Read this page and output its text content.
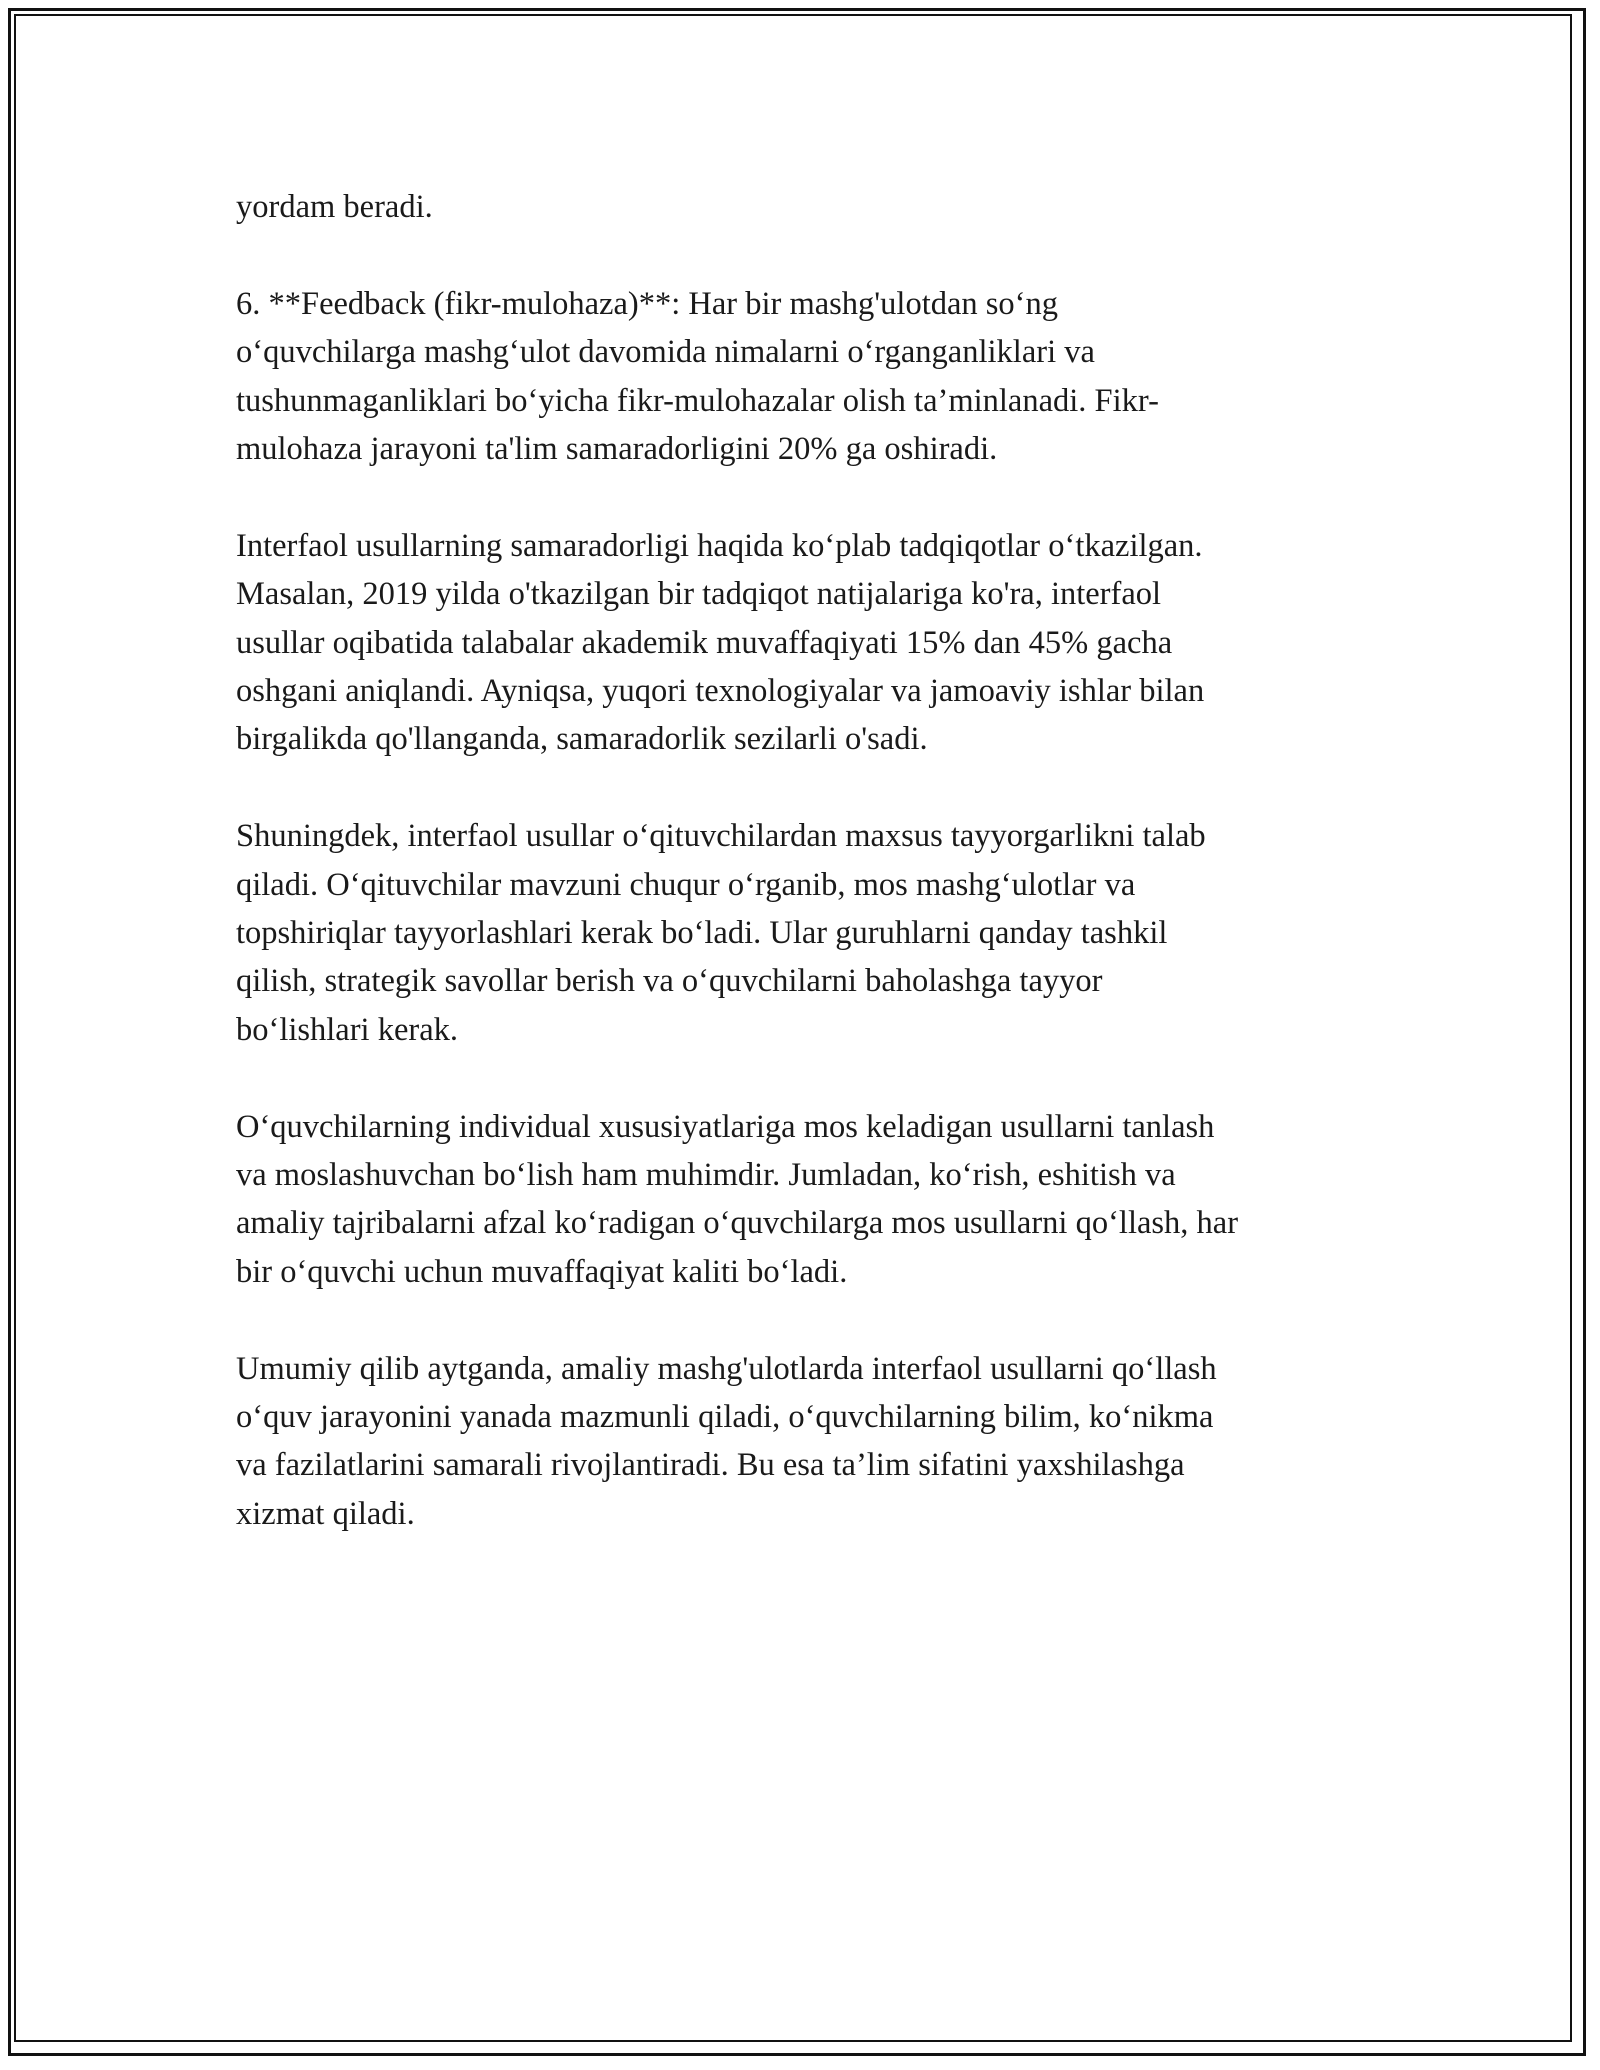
yordam beradi.

6. **Feedback (fikr-mulohaza)**: Har bir mashg'ulotdan so‘ng
o‘quvchilarga mashg‘ulot davomida nimalarni o‘rganganliklari va
tushunmaganliklari bo‘yicha fikr-mulohazalar olish ta’minlanadi. Fikr-
mulohaza jarayoni ta'lim samaradorligini 20% ga oshiradi.

Interfaol usullarning samaradorligi haqida ko‘plab tadqiqotlar o‘tkazilgan.
Masalan, 2019 yilda o'tkazilgan bir tadqiqot natijalariga ko'ra, interfaol
usullar oqibatida talabalar akademik muvaffaqiyati 15% dan 45% gacha
oshgani aniqlandi. Ayniqsa, yuqori texnologiyalar va jamoaviy ishlar bilan
birgalikda qo'llanganda, samaradorlik sezilarli o'sadi.

Shuningdek, interfaol usullar o‘qituvchilardan maxsus tayyorgarlikni talab
qiladi. O‘qituvchilar mavzuni chuqur o‘rganib, mos mashg‘ulotlar va
topshiriqlar tayyorlashlari kerak bo‘ladi. Ular guruhlarni qanday tashkil
qilish, strategik savollar berish va o‘quvchilarni baholashga tayyor
bo‘lishlari kerak.

O‘quvchilarning individual xususiyatlariga mos keladigan usullarni tanlash
va moslashuvchan bo‘lish ham muhimdir. Jumladan, ko‘rish, eshitish va
amaliy tajribalarni afzal ko‘radigan o‘quvchilarga mos usullarni qo‘llash, har
bir o‘quvchi uchun muvaffaqiyat kaliti bo‘ladi.

Umumiy qilib aytganda, amaliy mashg'ulotlarda interfaol usullarni qo‘llash
o‘quv jarayonini yanada mazmunli qiladi, o‘quvchilarning bilim, ko‘nikma
va fazilatlarini samarali rivojlantiradi. Bu esa ta’lim sifatini yaxshilashga
xizmat qiladi.
